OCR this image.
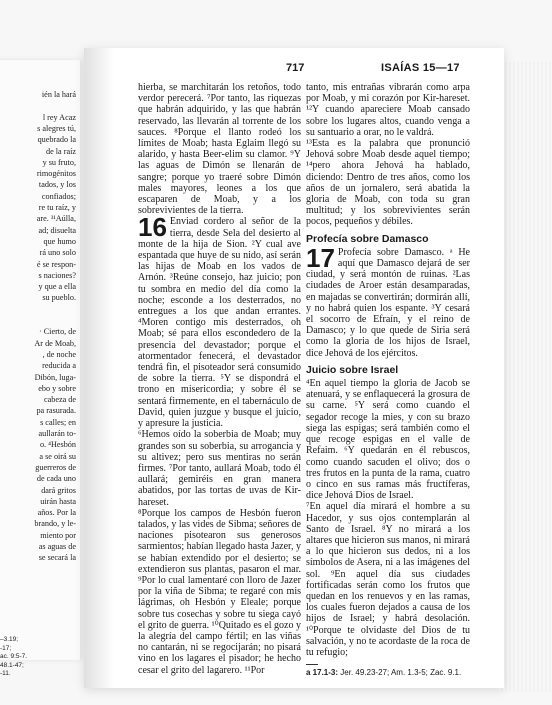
ién la hará
l rey Acaz
s alegres tú,
quebrado la
de la raíz
y su fruto,
rimogénitos
tados, y los
confiados;
re tu raíz, y
are. ³¹Aúlla,
ad; disuelta
que humo
rá uno solo
é se respon-
s naciones?
y que a ella
su pueblo.
· Cierto, de
Ar de Moab,
, de noche
reducida a
Dibón, luga-
ebo y sobre
cabeza de
pa rasurada.
s calles; en
aullarán to-
o. ⁴Hesbón
a se oirá su
guerreros de
de cada uno
dará gritos
uirán hasta
años. Por la
brando, y le-
miento por
as aguas de
se secará la
–3.19;
-17;
ac. 9:5-7.
48.1-47;
-11.
717	ISAÍAS 15—17

hierba, se marchitarán los retoños, todo verdor perecerá. ⁷Por tanto, las riquezas que habrán adquirido, y las que habrán reservado, las llevarán al torrente de los sauces. ⁸Porque el llanto rodeó los límites de Moab; hasta Eglaim llegó su alarido, y hasta Beer-elim su clamor. ⁹Y las aguas de Dimón se llenarán de sangre; porque yo traeré sobre Dimón males mayores, leones a los que escaparen de Moab, y a los sobrevivientes de la tierra.

16 Enviad cordero al señor de la tierra, desde Sela del desierto al monte de la hija de Sion. ²Y cual ave espantada que huye de su nido, así serán las hijas de Moab en los vados de Arnón. ³Reúne consejo, haz juicio; pon tu sombra en medio del día como la noche; esconde a los desterrados, no entregues a los que andan errantes. ⁴Moren contigo mis desterrados, oh Moab; sé para ellos escondedero de la presencia del devastador; porque el atormentador fenecerá, el devastador tendrá fin, el pisoteador será consumido de sobre la tierra. ⁵Y se dispondrá el trono en misericordia; y sobre él se sentará firmemente, en el tabernáculo de David, quien juzgue y busque el juicio, y apresure la justicia.

⁶Hemos oído la soberbia de Moab; muy grandes son su soberbia, su arrogancia y su altivez; pero sus mentiras no serán firmes. ⁷Por tanto, aullará Moab, todo él aullará; gemiréis en gran manera abatidos, por las tortas de uvas de Kir-hareset.

⁸Porque los campos de Hesbón fueron talados, y las vides de Sibma; señores de naciones pisotearon sus generosos sarmientos; habían llegado hasta Jazer, y se habían extendido por el desierto; se extendieron sus plantas, pasaron el mar. ⁹Por lo cual lamentaré con lloro de Jazer por la viña de Sibma; te regaré con mis lágrimas, oh Hesbón y Eleale; porque sobre tus cosechas y sobre tu siega cayó el grito de guerra. ¹⁰Quitado es el gozo y la alegría del campo fértil; en las viñas no cantarán, ni se regocijarán; no pisará vino en los lagares el pisador; he hecho cesar el grito del lagarero. ¹¹Por

tanto, mis entrañas vibrarán como arpa por Moab, y mi corazón por Kir-hareset. ¹²Y cuando apareciere Moab cansado sobre los lugares altos, cuando venga a su santuario a orar, no le valdrá.

¹³Esta es la palabra que pronunció Jehová sobre Moab desde aquel tiempo; ¹⁴pero ahora Jehová ha hablado, diciendo: Dentro de tres años, como los años de un jornalero, será abatida la gloria de Moab, con toda su gran multitud; y los sobrevivientes serán pocos, pequeños y débiles.

Profecía sobre Damasco

17 Profecía sobre Damasco. ᵃ He aquí que Damasco dejará de ser ciudad, y será montón de ruinas. ²Las ciudades de Aroer están desamparadas, en majadas se convertirán; dormirán allí, y no habrá quien los espante. ³Y cesará el socorro de Efraín, y el reino de Damasco; y lo que quede de Siria será como la gloria de los hijos de Israel, dice Jehová de los ejércitos.

Juicio sobre Israel

⁴En aquel tiempo la gloria de Jacob se atenuará, y se enflaquecerá la grosura de su carne. ⁵Y será como cuando el segador recoge la mies, y con su brazo siega las espigas; será también como el que recoge espigas en el valle de Refaim. ⁶Y quedarán en él rebuscos, como cuando sacuden el olivo; dos o tres frutos en la punta de la rama, cuatro o cinco en sus ramas más fructíferas, dice Jehová Dios de Israel.

⁷En aquel día mirará el hombre a su Hacedor, y sus ojos contemplarán al Santo de Israel. ⁸Y no mirará a los altares que hicieron sus manos, ni mirará a lo que hicieron sus dedos, ni a los símbolos de Asera, ni a las imágenes del sol. ⁹En aquel día sus ciudades fortificadas serán como los frutos que quedan en los renuevos y en las ramas, los cuales fueron dejados a causa de los hijos de Israel; y habrá desolación. ¹⁰Porque te olvidaste del Dios de tu salvación, y no te acordaste de la roca de tu refugio;

a 17.1-3: Jer. 49.23-27; Am. 1.3-5; Zac. 9.1.
